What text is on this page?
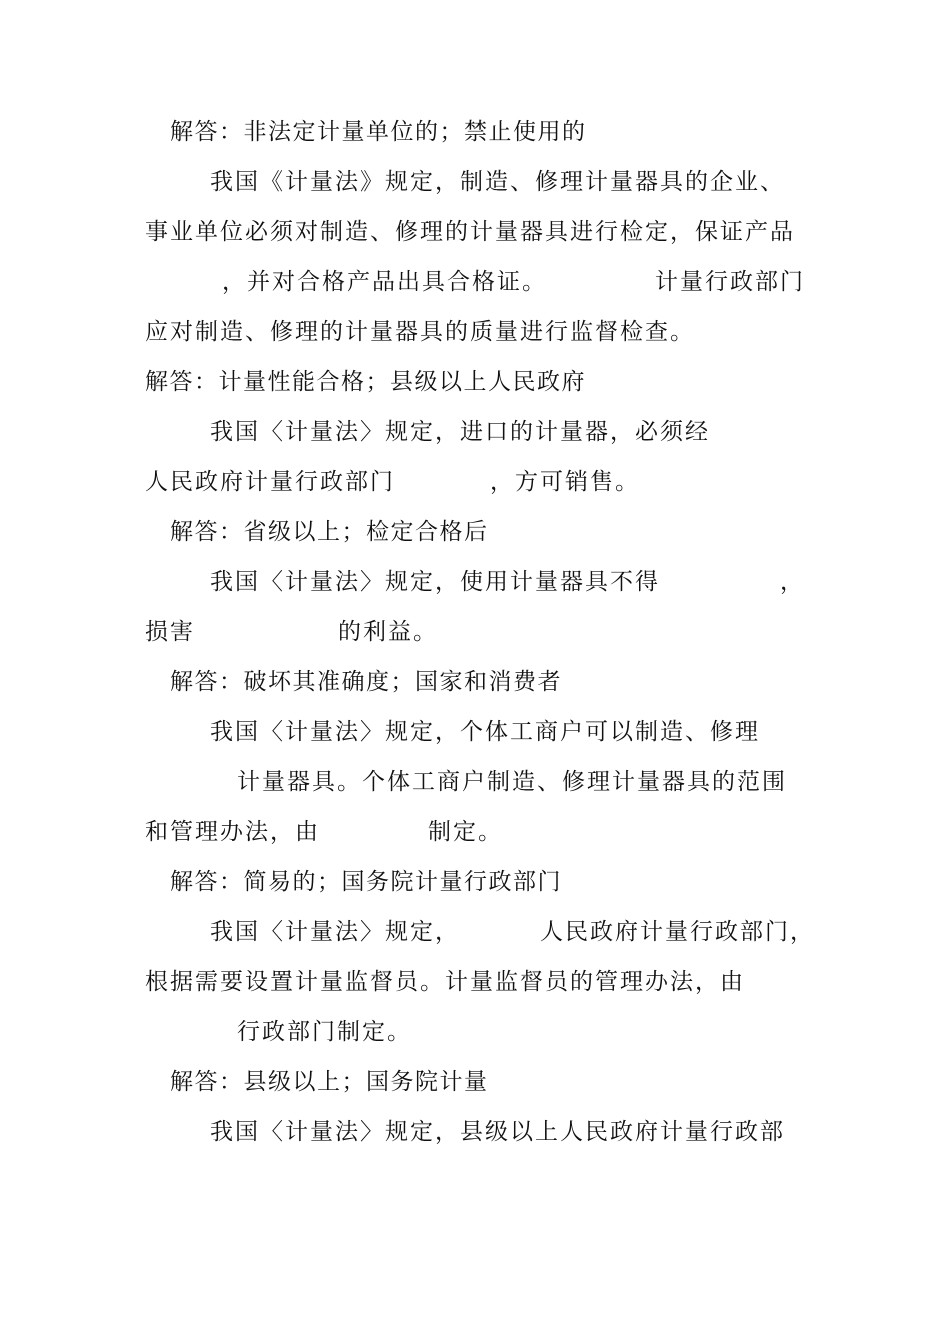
解答：非法定计量单位的；禁止使用的
我国《计量法》规定，制造、修理计量器具的企业、
事业单位必须对制造、修理的计量器具进行检定，保证产品
，并对合格产品出具合格证。	计量行政部门
应对制造、修理的计量器具的质量进行监督检查。
解答：计量性能合格；县级以上人民政府
我国〈计量法〉规定，进口的计量器，必须经
人民政府计量行政部门	，方可销售。
解答：省级以上；检定合格后
我国〈计量法〉规定，使用计量器具不得	，
损害	的利益。
解答：破坏其准确度；国家和消费者
我国〈计量法〉规定，个体工商户可以制造、修理
计量器具。个体工商户制造、修理计量器具的范围
和管理办法，由	制定。
解答：简易的；国务院计量行政部门
我国〈计量法〉规定，	人民政府计量行政部门，
根据需要设置计量监督员。计量监督员的管理办法，由
行政部门制定。
解答：县级以上；国务院计量
我国〈计量法〉规定，县级以上人民政府计量行政部
